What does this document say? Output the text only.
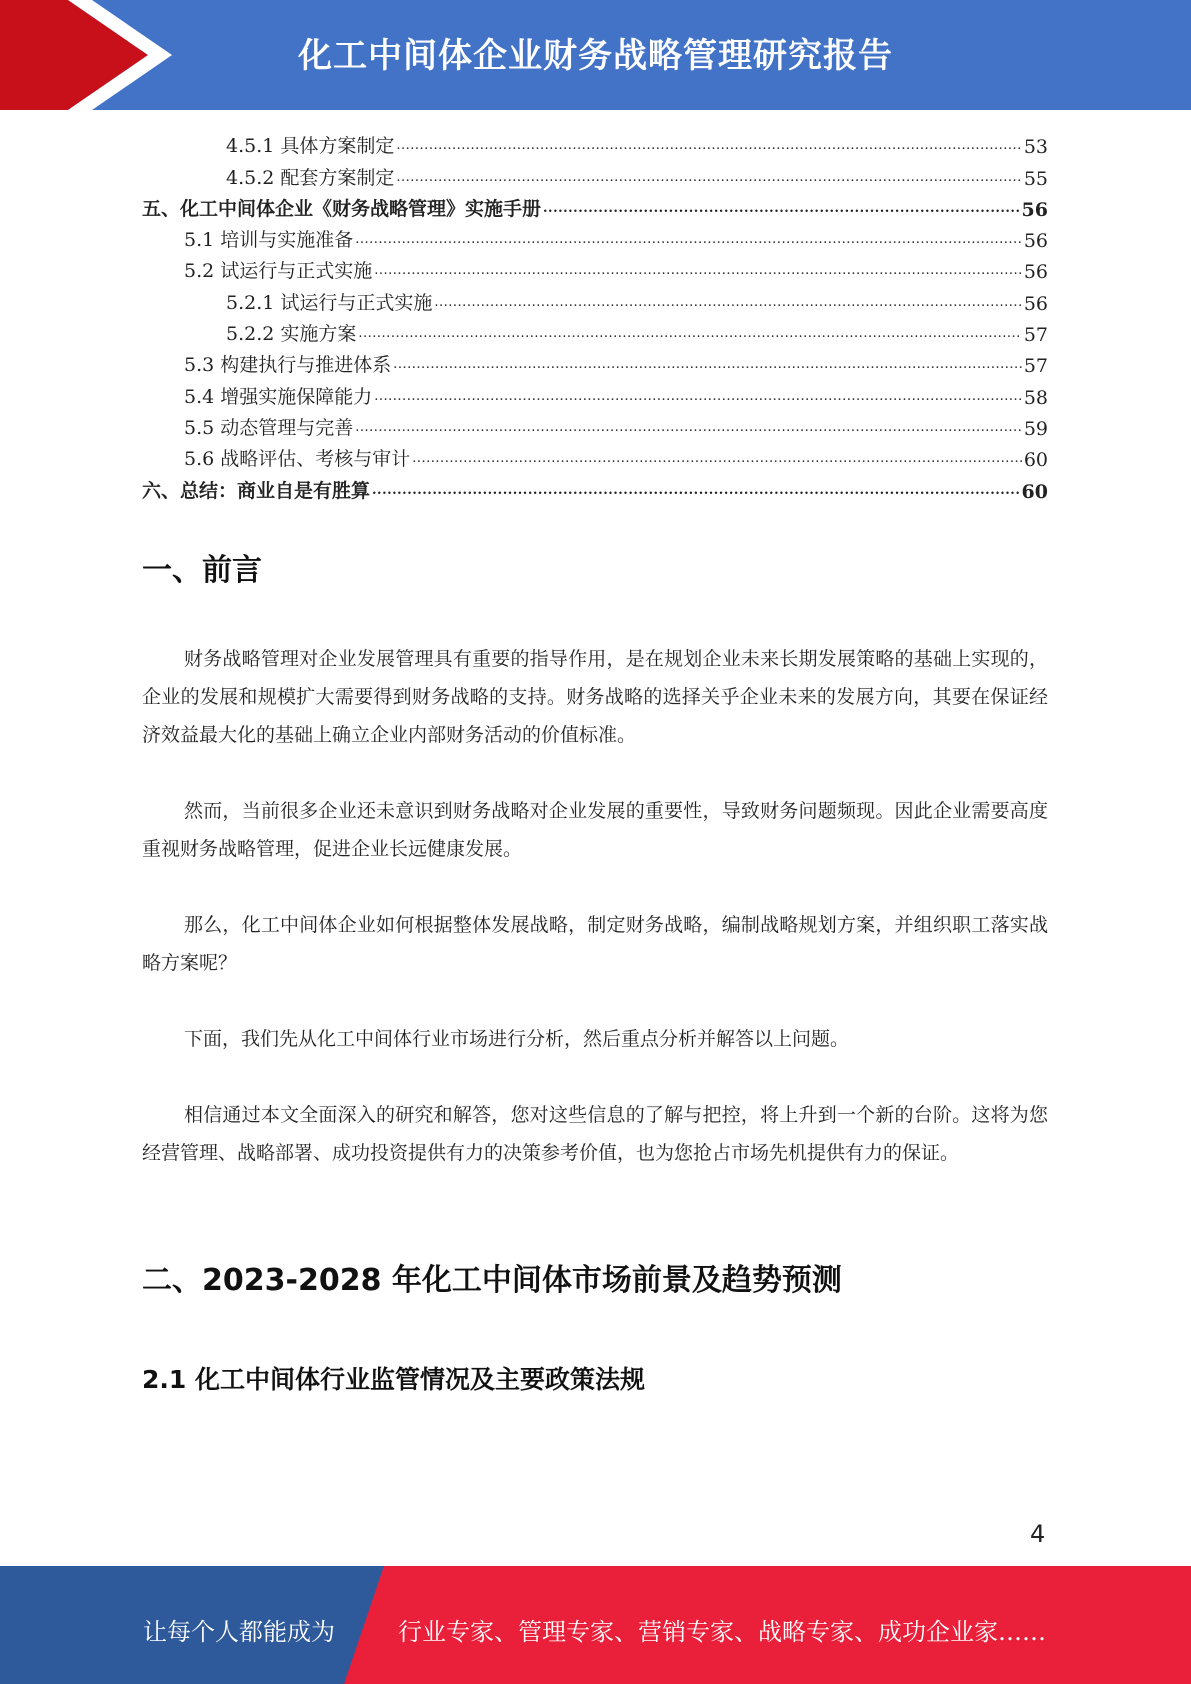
化工中间体企业财务战略管理研究报告
4.5.1 具体方案制定 .....	53
4.5.2 配套方案制定 .....	55
五、化工中间体企业《财务战略管理》实施手册 .....	56
5.1 培训与实施准备 .....	56
5.2 试运行与正式实施 .....	56
5.2.1 试运行与正式实施 .....	56
5.2.2 实施方案 .....	57
5.3 构建执行与推进体系 .....	57
5.4 增强实施保障能力 .....	58
5.5 动态管理与完善 .....	59
5.6 战略评估、考核与审计 .....	60
六、总结：商业自是有胜算 .....	60
一、前言

财务战略管理对企业发展管理具有重要的指导作用，是在规划企业未来长期发展策略的基础上实现的，企业的发展和规模扩大需要得到财务战略的支持。财务战略的选择关乎企业未来的发展方向，其要在保证经济效益最大化的基础上确立企业内部财务活动的价值标准。

然而，当前很多企业还未意识到财务战略对企业发展的重要性，导致财务问题频现。因此企业需要高度重视财务战略管理，促进企业长远健康发展。

那么，化工中间体企业如何根据整体发展战略，制定财务战略，编制战略规划方案，并组织职工落实战略方案呢？

下面，我们先从化工中间体行业市场进行分析，然后重点分析并解答以上问题。

相信通过本文全面深入的研究和解答，您对这些信息的了解与把控，将上升到一个新的台阶。这将为您经营管理、战略部署、成功投资提供有力的决策参考价值，也为您抢占市场先机提供有力的保证。

二、2023-2028 年化工中间体市场前景及趋势预测
2.1 化工中间体行业监管情况及主要政策法规
4
让每个人都能成为	行业专家、管理专家、营销专家、战略专家、成功企业家……
